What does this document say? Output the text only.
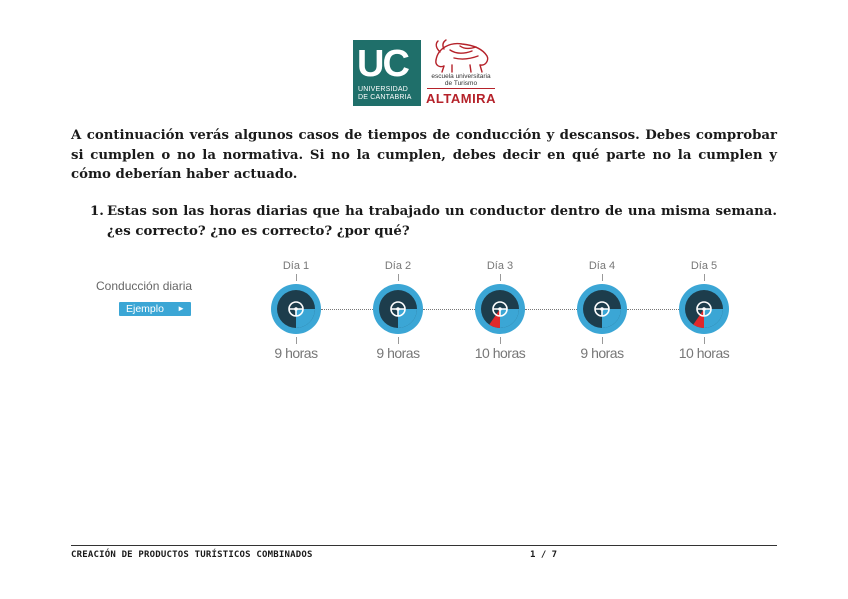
UC
UNIVERSIDAD
DE CANTABRIA
escuela universitaria
de Turismo
ALTAMIRA

A continuación verás algunos casos de tiempos de conducción y descansos. Debes comprobar si cumplen o no la normativa. Si no la cumplen, debes decir en qué parte no la cumplen y cómo deberían haber actuado.

1. Estas son las horas diarias que ha trabajado un conductor dentro de una misma semana. ¿es correcto? ¿no es correcto? ¿por qué?
Conducción diaria
Ejemplo ►
Día 1
9 horas
Día 2
9 horas
Día 3
10 horas
Día 4
9 horas
Día 5
10 horas
CREACIÓN DE PRODUCTOS TURÍSTICOS COMBINADOS	1 / 7
